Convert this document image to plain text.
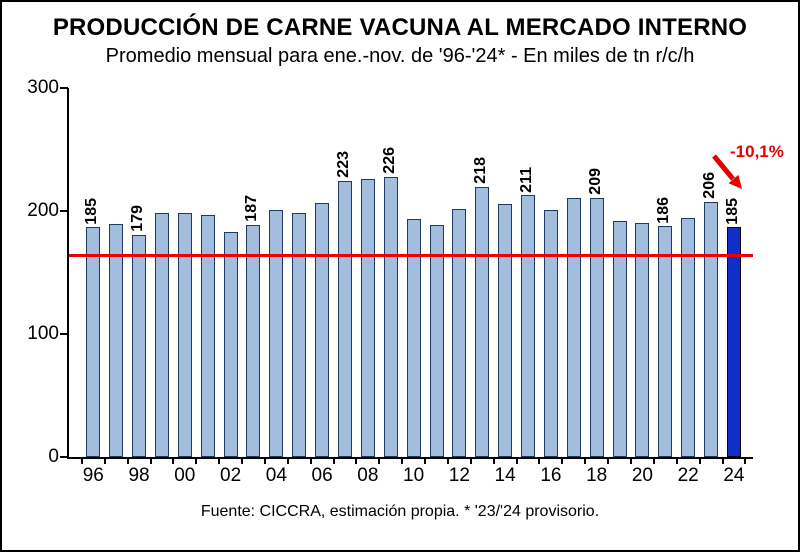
PRODUCCIÓN DE CARNE VACUNA AL MERCADO INTERNO
Promedio mensual para ene.-nov. de '96-'24* - En miles de tn r/c/h
0
100
200
300
96	98	00	02	04	06	08	10	12	14	16	18	20	22	24
185 179	187
223 226	218 211	209
186
206
185
-10,1%
Fuente: CICCRA, estimación propia. * '23/'24 provisorio.
